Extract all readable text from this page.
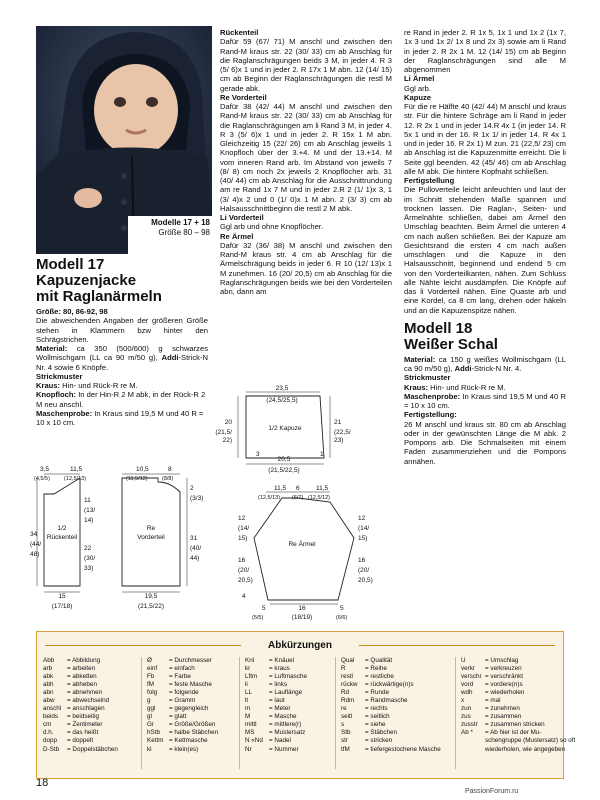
Modelle 17 + 18
Größe 80 – 98
Modell 17
Kapuzenjacke
mit Raglanärmeln

Größe: 80, 86-92, 98

Die abweichenden Angaben der größeren Größe stehen in Klammern bzw hinter den Schrägstrichen.

Material: ca 350 (500/600) g schwarzes Wollmischgarn (LL ca 90 m/50 g), Addi-Strick-N Nr. 4 sowie 6 Knöpfe.

Strickmuster

Kraus: Hin- und Rück-R re M.

Knopfloch: In der Hin-R 2 M abk, in der Rück-R 2 M neu anschl.

Maschenprobe: In Kraus sind 19,5 M und 40 R = 10 x 10 cm.

Rückenteil

Dafür 59 (67/ 71) M anschl und zwischen den Rand-M kraus str. 22 (30/ 33) cm ab Anschlag für die Raglanschrägungen beids 3 M, in jeder 4. R 3 (5/ 6)x 1 und in jeder 2. R 17x 1 M abn. 12 (14/ 15) cm ab Beginn der Raglanschrägungen die restl M gerade abk.

Re Vorderteil

Dafür 38 (42/ 44) M anschl und zwischen den Rand-M kraus str. 22 (30/ 33) cm ab Anschlag für die Raglanschrägungen am li Rand 3 M, in jeder 4. R 3 (5/ 6)x 1 und in jeder 2. R 15x 1 M abn. Gleichzeitig 15 (22/ 26) cm ab Anschlag jeweils 1 Knopfloch über der 3.+4. M und der 13.+14. M vom inneren Rand arb. Im Abstand von jeweils 7 (8/ 8) cm noch 2x jeweils 2 Knopflöcher arb. 31 (40/ 44) cm ab Anschlag für die Ausschnittrundung am re Rand 1x 7 M und in jeder 2.R 2 (1/ 1)x 3, 1 (3/ 4)x 2 und 0 (1/ 0)x 1 M abn. 2 (3/ 3) cm ab Halsausschnittbeginn die restl 2 M abk.

Li Vorderteil

Ggl arb und ohne Knopflöcher.

Re Ärmel

Dafür 32 (36/ 38) M anschl und zwischen den Rand-M kraus str. 4 cm ab Anschlag für die Ärmelschrägung beids in jeder 6. R 10 (12/ 13)x 1 M zunehmen. 16 (20/ 20,5) cm ab Anschlag für die Raglanschrägungen beids wie bei den Vorderteilen abn, dann am

re Rand in jeder 2. R 1x 5, 1x 1 und 1x 2 (1x 7, 1x 3 und 1x 2/ 1x 8 und 2x 3) sowie am li Rand in jeder 2. R 2x 1 M. 12 (14/ 15) cm ab Beginn der Raglanschrägungen sind alle M abgenommen

Li Ärmel

Ggl arb.

Kapuze

Für die re Hälfte 40 (42/ 44) M anschl und kraus str. Für die hintere Schräge am li Rand in jeder 12. R 2x 1 und in jeder 14.R 4x 1 (in jeder 14. R 5x 1 und in der 16. R 1x 1/ in jeder 14. R 4x 1 und in jeder 16. R 2x 1) M zun. 21 (22,5/ 23) cm ab Anschlag ist die Kapuzenmitte erreicht. Die li Seite ggl beenden. 42 (45/ 46) cm ab Anschlag alle M abk. Die hintere Kopfnaht schließen.

Fertigstellung

Die Pulloverteile leicht anfeuchten und laut der im Schnitt stehenden Maße spannen und trocknen lassen. Die Raglan-, Seiten- und Ärmelnähte schließen, dabei am Ärmel den Umschlag beachten. Beim Ärmel die unteren 4 cm nach außen schließen. Bei der Kapuze am Gesichtsrand die ersten 4 cm nach außen umschlagen und die Kapuze in den Halsausschnitt, beginnend und endend 5 cm von den Vorderteilkanten, nähen. Zum Schluss alle Nähte leicht ausdämpfen. Die Knöpfe auf das li Vorderteil nähen. Eine Quaste arb und eine Kordel, ca 8 cm lang, drehen oder häkeln und an die Kapuzenspitze nähen.

Modell 18
Weißer Schal

Material: ca 150 g weißes Wollmischgarn (LL ca 90 m/50 g), Addi-Strick-N Nr. 4.

Strickmuster

Kraus: Hin- und Rück-R re M.

Maschenprobe: In Kraus sind 19,5 M und 40 R = 10 x 10 cm.

Fertigstellung:

26 M anschl und kraus str. 80 cm ab Anschlag oder in der gewünschten Länge die M abk. 2 Pompons arb. Die Schmalseiten mit einem Faden zusammenziehen und die Pompons annähen.

23,5
(24,5/25,5)
1/2 Kapuze
20
(21,5/
22)
21
(22,5/
23)
20,5
(21,5/22,5)
3	1
3,5
(4,5/5)
11,5
(12,5/13)
1/2
Rückenteil
34
(44/
48)
11
(13/
14)
22
(30/
33)
15
(17/18)
10,5	8
(11,5/12)	(8/8)
2
(3/3)
Re
Vorderteil	31
(40/
44)
19,5
(21,5/22)
11,5 6	11,5
(12,5/13) (6/7) (12,5/12)
Re Ärmel
12
(14/
15)
12
(14/
15)
16
(20/
20,5)
16
(20/
20,5)
4
16
(18/19)
5
(5/5)
5
(6/6)
Abkürzungen
Abb = Abbildung
arb = arbeiten
abk = abketten
abh = abheben
abn = abnehmen
abw = abwechselnd
anschl = anschlagen
beids = beidseitig
cm = Zentimeter
d.h. = das heißt
dopp = doppelt
D-Stb = Doppelstäbchen
Ø	= Durchmesser
einf = einfach
Fb = Farbe
fM = feste Masche
folg = folgende
g	= Gramm
ggl = gegengleich
gl	= glatt
Gr = Größe/Größen
hStb = halbe Stäbchen
Kettm = Kettmasche
kl	= klein(es)
Knl = Knäuel
kr	= kraus
Lftm = Luftmasche
li	= links
LL	= Lauflänge
lt	= laut
m	= Meter
M	= Masche
mittl = mittlere(r)
MS = Mustersatz
N «Nd = Nadel
Nr	= Nummer
Qual = Qualität
R	= Reihe
restl = restliche
rückw = rückwärtige(n)s
Rd	= Runde
Rdm = Randmasche
re	= rechts
seitl = seitlich
s	= siehe
Stb = Stäbchen
str	= stricken
tfM = tiefergestochene Masche
U	= Umschlag
verkr = verkreuzen
verschr = verschränkt
vord = vordere(n)s
wdh = wiederholen
x	= mal
zun = zunehmen
zus = zusammen
zusstr = zusammen stricken
Ab * = Ab hier ist der Mu-
schengruppe (Mustersatz) so oft
wiederholen, wie angegeben
18
PassionForum.ru
